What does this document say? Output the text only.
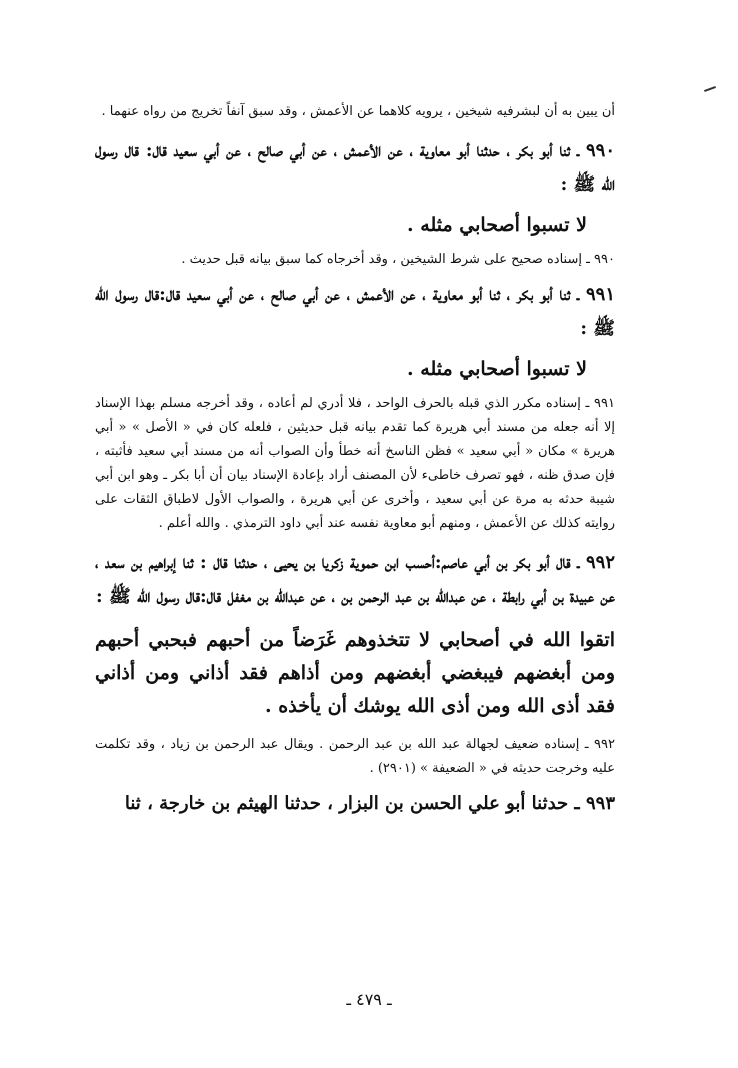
أن يبين به أن لبشرفيه شيخين ، يرويه كلاهما عن الأعمش ، وقد سبق آنفاً تخريج من رواه عنهما .

٩٩٠ ـ ثنا أبو بكر ، حدثنا أبو معاوية ، عن الأعمش ، عن أبي صالح ، عن أبي سعيد قال: قال رسول الله ﷺ :

لا تسبوا أصحابي مثله .

٩٩٠ ـ إسناده صحيح على شرط الشيخين ، وقد أخرجاه كما سبق بيانه قبل حديث .

٩٩١ ـ ثنا أبو بكر ، ثنا أبو معاوية ، عن الأعمش ، عن أبي صالح ، عن أبي سعيد قال:قال رسول الله ﷺ :

لا تسبوا أصحابي مثله .

٩٩١ ـ إسناده مكرر الذي قبله بالحرف الواحد ، فلا أدري لم أعاده ، وقد أخرجه مسلم بهذا الإسناد إلا أنه جعله من مسند أبي هريرة كما تقدم بيانه قبل حديثين ، فلعله كان في « الأصل » « أبي هريرة » مكان « أبي سعيد » فظن الناسخ أنه خطأ وأن الصواب أنه من مسند أبي سعيد فأثبته ، فإن صدق ظنه ، فهو تصرف خاطىء لأن المصنف أراد بإعادة الإسناد بيان أن أبا بكر ـ وهو ابن أبي شيبة حدثه به مرة عن أبي سعيد ، وأخرى عن أبي هريرة ، والصواب الأول لاطباق الثقات على روايته كذلك عن الأعمش ، ومنهم أبو معاوية نفسه عند أبي داود الترمذي . والله أعلم .

٩٩٢ ـ قال أبو بكر بن أبي عاصم:أحسب ابن حموية زكريا بن يحيى ، حدثنا قال : ثنا إبراهيم بن سعد ، عن عبيدة بن أبي رابطة ، عن عبدالله بن عبد الرحمن بن ، عن عبدالله بن مغفل قال:قال رسول الله ﷺ :

اتقوا الله في أصحابي لا تتخذوهم غَرَضاً من أحبهم فبحبي أحبهم ومن أبغضهم فيبغضي أبغضهم ومن أذاهم فقد أذاني ومن أذاني فقد أذى الله ومن أذى الله يوشك أن يأخذه .

٩٩٢ ـ إسناده ضعيف لجهالة عبد الله بن عبد الرحمن . ويقال عبد الرحمن بن زياد ، وقد تكلمت عليه وخرجت حديثه في « الضعيفة » (٢٩٠١) .

٩٩٣ ـ حدثنا أبو علي الحسن بن البزار ، حدثنا الهيثم بن خارجة ، ثنا

ـ ٤٧٩ ـ
